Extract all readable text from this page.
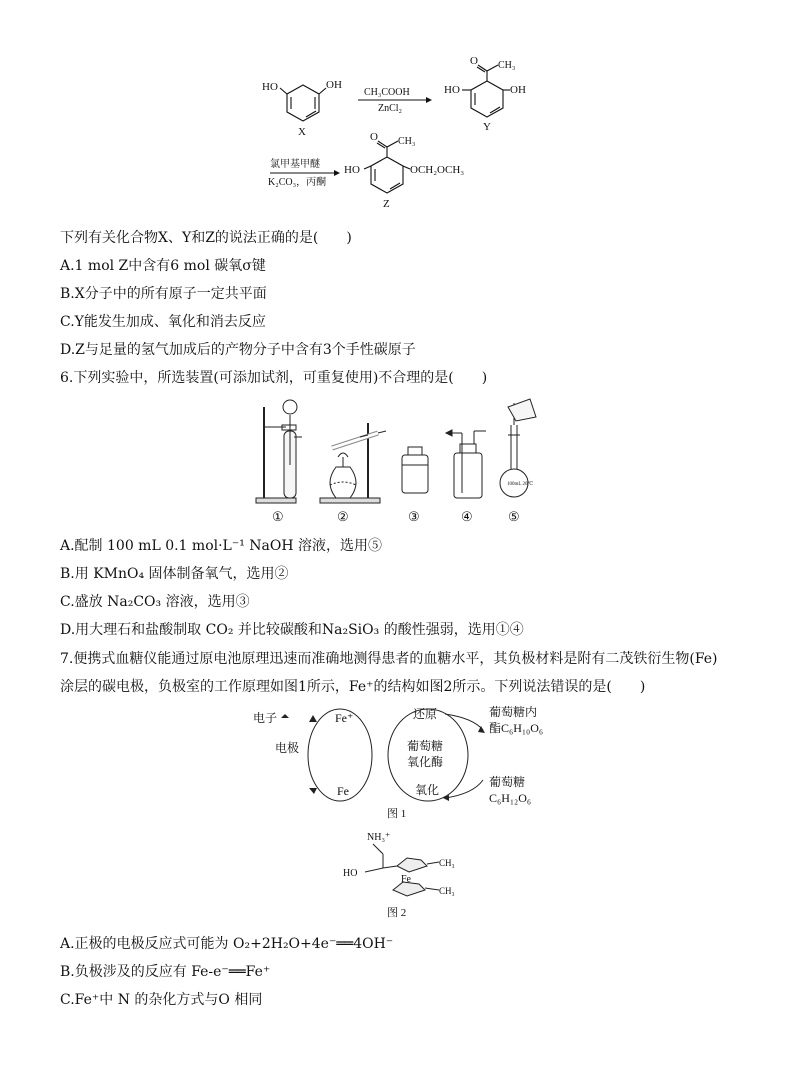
HO	OH
X
CH₃COOH
ZnCl₂
O CH₃
HO	OH
Y
氯甲基甲醚
K₂CO₃，丙酮
O CH₃
HO	OCH₂OCH₃
Z
下列有关化合物X、Y和Z的说法正确的是(　　)
A.1 mol Z中含有6 mol 碳氧σ键
B.X分子中的所有原子一定共平面
C.Y能发生加成、氧化和消去反应
D.Z与足量的氢气加成后的产物分子中含有3个手性碳原子
6.下列实验中，所选装置(可添加试剂，可重复使用)不合理的是(　　)
100mL 20℃
①	②	③	④	⑤
A.配制 100 mL 0.1 mol·L⁻¹ NaOH 溶液，选用⑤
B.用 KMnO₄ 固体制备氧气，选用②
C.盛放 Na₂CO₃ 溶液，选用③
D.用大理石和盐酸制取 CO₂ 并比较碳酸和Na₂SiO₃ 的酸性强弱，选用①④
7.便携式血糖仪能通过原电池原理迅速而准确地测得患者的血糖水平，其负极材料是附有二茂铁衍生物(Fe)
涂层的碳电极，负极室的工作原理如图1所示，Fe⁺的结构如图2所示。下列说法错误的是(　　)
电子	Fe⁺
电极
Fe
还原
葡萄糖
氧化酶
氧化
葡萄糖内
酯C₆H₁₀O₆
葡萄糖
C₆H₁₂O₆
图 1
NH₃⁺
HO
Fe
CH₃
CH₃
图 2
A.正极的电极反应式可能为 O₂+2H₂O+4e⁻══4OH⁻
B.负极涉及的反应有 Fe-e⁻══Fe⁺
C.Fe⁺中 N 的杂化方式与O 相同
